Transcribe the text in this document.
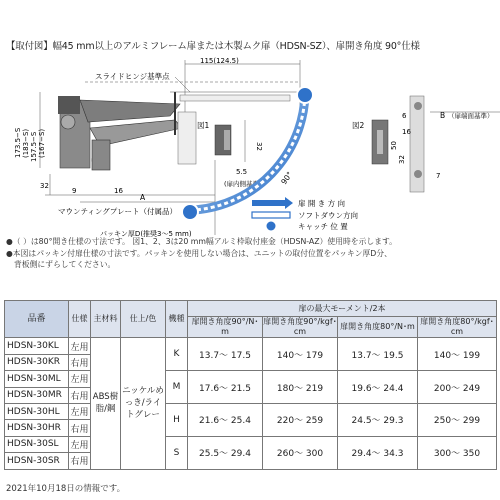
【取付図】幅45 mm以上のアルミフレーム扉または木製ムク扉（HDSN-SZ）、扉開き角度 90°仕様
115(124.5)
スライドヒンジ基準点
173.5−S (183−S) 157.5−S (167−S)
32
9	16
A
マウンティングプレート（付属品）
パッキン厚D(推奨3〜5 mm)
図1
32
5.5
(扉内側基準) 90°
扉 開 き 方 向
ソフトダウン方向
キャッチ 位 置
図2
B （扉端面基準）
6
16
50
32
7
●（ ）は80°開き仕様の寸法です。 図1、2、3は20 mm幅アルミ枠取付座金（HDSN-AZ）使用時を示します。
●本図はパッキン付扉仕様の寸法です。パッキンを使用しない場合は、ユニットの取付位置をパッキン厚D分、
背板側にずらしてください。
品番	仕様	主材料	仕上/色	機種	扉の最大モーメント/2本			
					扉開き角度90°/N･m	扉開き角度90°/kgf･cm	扉開き角度80°/N･m	扉開き角度80°/kgf･cm

HDSN-30KL	左用	ABS樹脂/鋼	ニッケルめっき/ライトグレー	K	13.7〜 17.5	140〜 179	13.7〜 19.5	140〜 199
HDSN-30KR	右用							
HDSN-30ML	左用			M	17.6〜 21.5	180〜 219	19.6〜 24.4	200〜 249
HDSN-30MR	右用							
HDSN-30HL	左用			H	21.6〜 25.4	220〜 259	24.5〜 29.3	250〜 299
HDSN-30HR	右用							
HDSN-30SL	左用			S	25.5〜 29.4	260〜 300	29.4〜 34.3	300〜 350
HDSN-30SR	右用							
2021年10月18日の情報です。
